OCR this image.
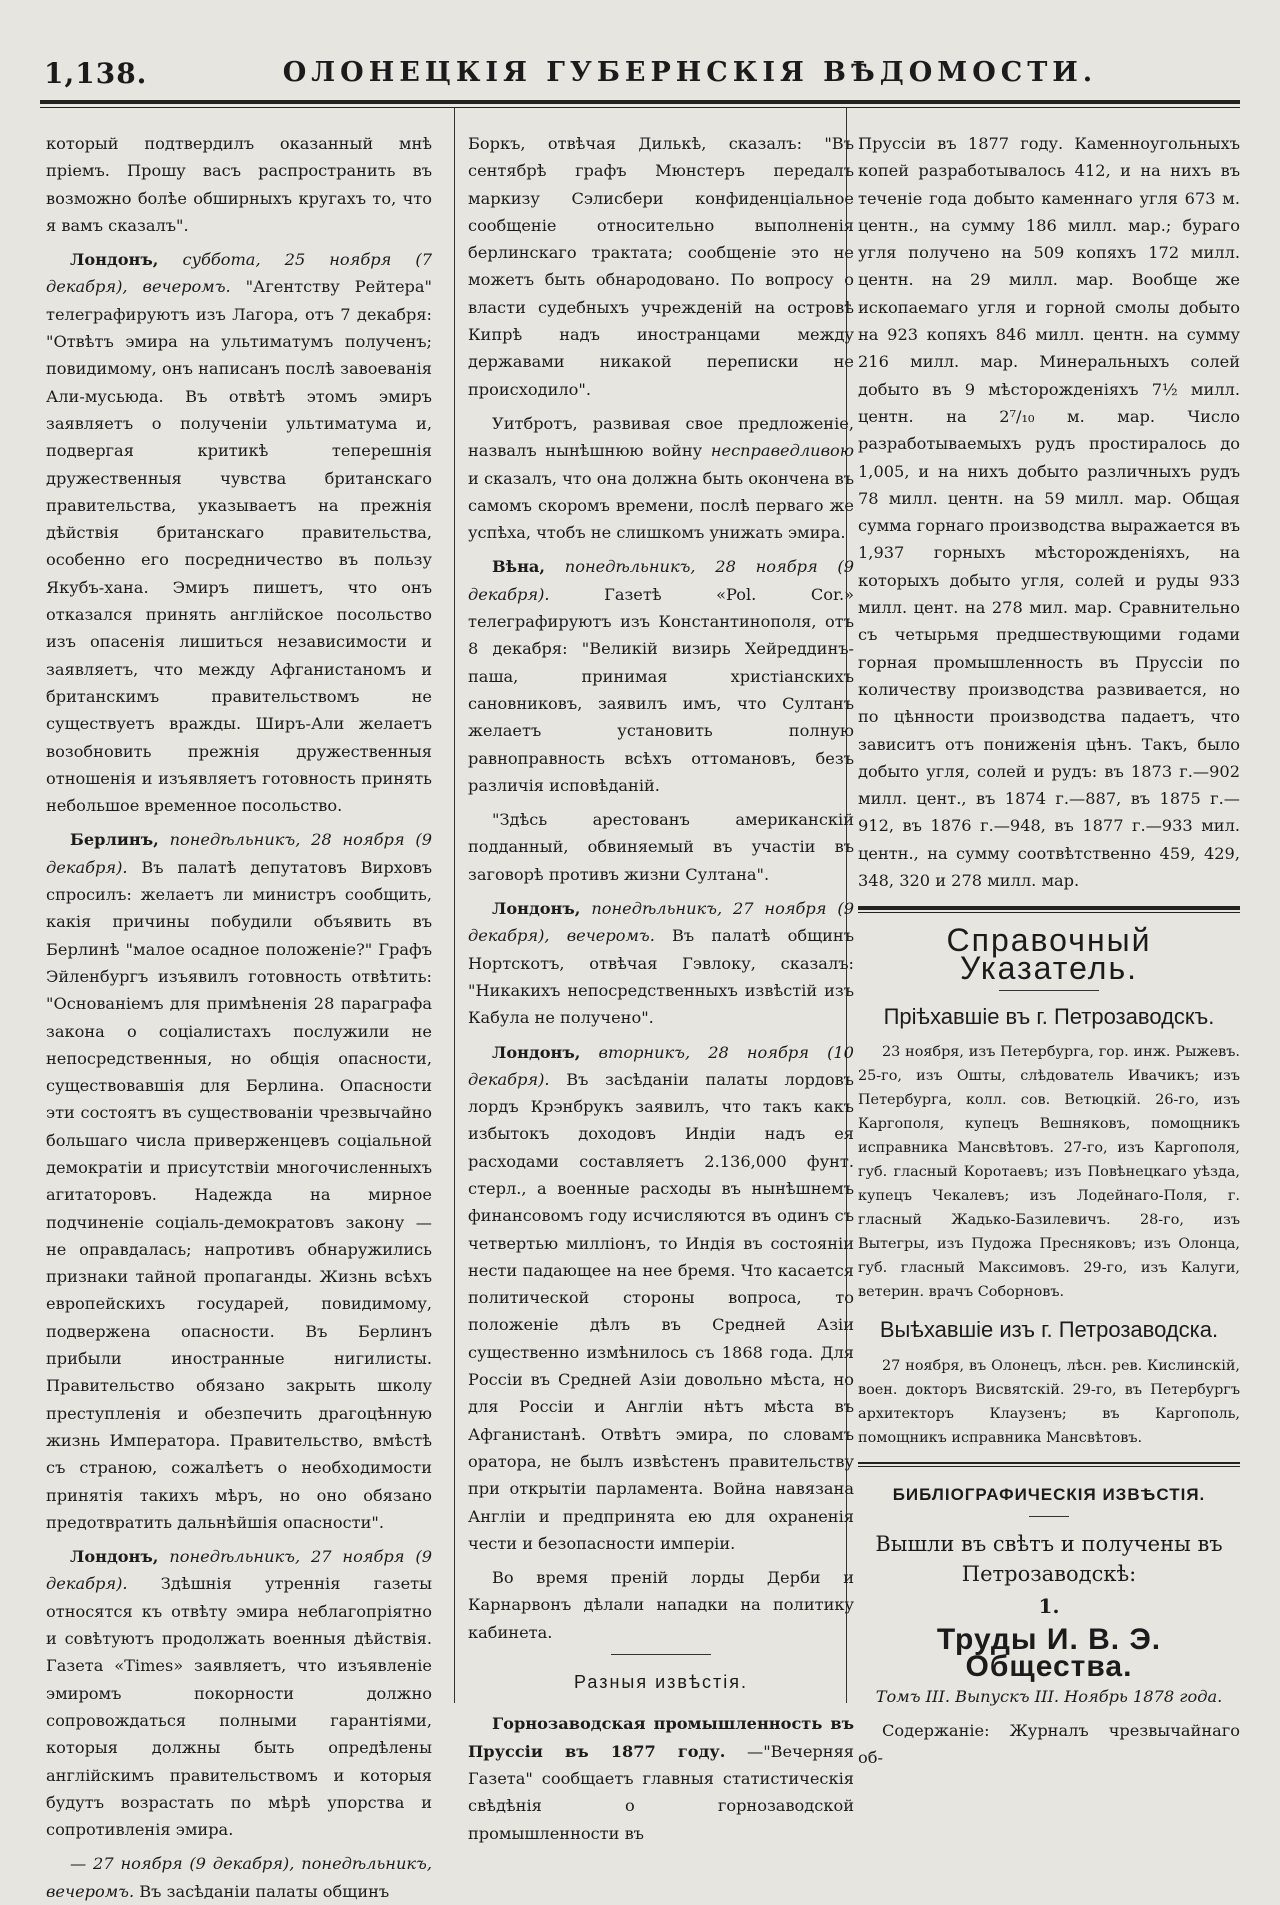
1,138.	ОЛОНЕЦКІЯ ГУБЕРНСКІЯ ВѢДОМОСТИ.

который подтвердилъ оказанный мнѣ пріемъ. Прошу васъ распространить въ возможно болѣе обширныхъ кругахъ то, что я вамъ сказалъ".

Лондонъ, суббота, 25 ноября (7 декабря), вечеромъ. "Агентству Рейтера" телеграфируютъ изъ Лагора, отъ 7 декабря: "Отвѣтъ эмира на ультиматумъ полученъ; повидимому, онъ написанъ послѣ завоеванія Али-мусьюда. Въ отвѣтѣ этомъ эмиръ заявляетъ о полученіи ультиматума и, подвергая критикѣ теперешнія дружественныя чувства британскаго правительства, указываетъ на прежнія дѣйствія британскаго правительства, особенно его посредничество въ пользу Якубъ-хана. Эмиръ пишетъ, что онъ отказался принять англійское посольство изъ опасенія лишиться независимости и заявляетъ, что между Афганистаномъ и британскимъ правительствомъ не существуетъ вражды. Ширъ-Али желаетъ возобновить прежнія дружественныя отношенія и изъявляетъ готовность принять небольшое временное посольство.

Берлинъ, понедѣльникъ, 28 ноября (9 декабря). Въ палатѣ депутатовъ Вирховъ спросилъ: желаетъ ли министръ сообщить, какія причины побудили объявить въ Берлинѣ "малое осадное положеніе?" Графъ Эйленбургъ изъявилъ готовность отвѣтить: "Основаніемъ для примѣненія 28 параграфа закона о соціалистахъ послужили не непосредственныя, но общія опасности, существовавшія для Берлина. Опасности эти состоятъ въ существованіи чрезвычайно большаго числа приверженцевъ соціальной демократіи и присутствіи многочисленныхъ агитаторовъ. Надежда на мирное подчиненіе соціаль-демократовъ закону — не оправдалась; напротивъ обнаружились признаки тайной пропаганды. Жизнь всѣхъ европейскихъ государей, повидимому, подвержена опасности. Въ Берлинъ прибыли иностранные нигилисты. Правительство обязано закрыть школу преступленія и обезпечить драгоцѣнную жизнь Императора. Правительство, вмѣстѣ съ страною, сожалѣетъ о необходимости принятія такихъ мѣръ, но оно обязано предотвратить дальнѣйшія опасности".

Лондонъ, понедѣльникъ, 27 ноября (9 декабря). Здѣшнія утреннія газеты относятся къ отвѣту эмира неблагопріятно и совѣтуютъ продолжать военныя дѣйствія. Газета «Times» заявляетъ, что изъявленіе эмиромъ покорности должно сопровождаться полными гарантіями, которыя должны быть опредѣлены англійскимъ правительствомъ и которыя будутъ возрастать по мѣрѣ упорства и сопротивленія эмира.

— 27 ноября (9 декабря), понедѣльникъ, вечеромъ. Въ засѣданіи палаты общинъ

Боркъ, отвѣчая Дилькѣ, сказалъ: "Въ сентябрѣ графъ Мюнстеръ передалъ маркизу Сэлисбери конфиденціальное сообщеніе относительно выполненія берлинскаго трактата; сообщеніе это не можетъ быть обнародовано. По вопросу о власти судебныхъ учрежденій на островѣ Кипрѣ надъ иностранцами между державами никакой переписки не происходило".

Уитбротъ, развивая свое предложеніе, назвалъ нынѣшнюю войну несправедливою и сказалъ, что она должна быть окончена въ самомъ скоромъ времени, послѣ перваго же успѣха, чтобъ не слишкомъ унижать эмира.

Вѣна, понедѣльникъ, 28 ноября (9 декабря).	Газетѣ «Pol. Cor.» телеграфируютъ изъ Константинополя, отъ 8 декабря: "Великій визирь Хейреддинъ-паша, принимая христіанскихъ сановниковъ, заявилъ имъ, что Султанъ желаетъ установить полную равноправность всѣхъ оттомановъ, безъ различія исповѣданій.

"Здѣсь арестованъ американскій подданный, обвиняемый въ участіи въ заговорѣ противъ жизни Султана".

Лондонъ, понедѣльникъ, 27 ноября (9 декабря), вечеромъ. Въ палатѣ общинъ Нортскотъ, отвѣчая Гэвлоку, сказалъ: "Никакихъ непосредственныхъ извѣстій изъ Кабула не получено".

Лондонъ, вторникъ, 28 ноября (10 декабря). Въ засѣданіи палаты лордовъ лордъ Крэнбрукъ заявилъ, что такъ какъ избытокъ доходовъ Индіи надъ ея расходами составляетъ 2.136,000 фунт. стерл., а военные расходы въ нынѣшнемъ финансовомъ году исчисляются въ одинъ съ четвертью милліонъ, то Индія въ состояніи нести падающее на нее бремя. Что касается политической стороны вопроса, то положеніе дѣлъ въ Средней Азіи существенно измѣнилось съ 1868 года. Для Россіи въ Средней Азіи довольно мѣста, но для Россіи и Англіи нѣтъ мѣста въ Афганистанѣ. Отвѣтъ эмира, по словамъ оратора, не былъ извѣстенъ правительству при открытіи парламента. Война навязана Англіи и предпринята ею для охраненія чести и безопасности имперіи.

Во время преній лорды Дерби и Карнарвонъ дѣлали нападки на политику кабинета.

Разныя извѣстія.

Горнозаводская промышленность въ Пруссіи въ 1877 году. —"Вечерняя Газета" сообщаетъ главныя статистическія свѣдѣнія о горнозаводской промышленности въ

Пруссіи въ 1877 году. Каменноугольныхъ копей разработывалось 412, и на нихъ въ теченіе года добыто каменнаго угля 673 м. центн., на сумму 186 милл. мар.; бураго угля получено на 509 копяхъ 172 милл. центн. на 29 милл. мар. Вообще же ископаемаго угля и горной смолы добыто на 923 копяхъ 846 милл. центн. на сумму 216 милл. мар. Минеральныхъ солей добыто въ 9 мѣсторожденіяхъ 7½ милл. центн. на 2⁷/₁₀ м. мар. Число разработываемыхъ рудъ простиралось до 1,005, и на нихъ добыто различныхъ рудъ 78 милл. центн. на 59 милл. мар. Общая сумма горнаго производства выражается въ 1,937 горныхъ мѣсторожденіяхъ, на которыхъ добыто угля, солей и руды 933 милл. цент. на 278 мил. мар. Сравнительно съ четырьмя предшествующими годами горная промышленность въ Пруссіи по количеству производства развивается, но по цѣнности производства падаетъ, что зависитъ отъ пониженія цѣнъ. Такъ, было добыто угля, солей и рудъ: въ 1873 г.—902 милл. цент., въ 1874 г.—887, въ 1875 г.—912, въ 1876 г.—948, въ 1877 г.—933 мил. центн., на сумму соотвѣтственно 459, 429, 348, 320 и 278 милл. мар.

Справочный Указатель.
Пріѣхавшіе въ г. Петрозаводскъ.

23 ноября, изъ Петербурга, гор. инж. Рыжевъ. 25-го, изъ Ошты, слѣдователь Ивачикъ; изъ Петербурга, колл. сов. Ветюцкій. 26-го, изъ Каргополя, купецъ Вешняковъ, помощникъ исправника Мансвѣтовъ. 27-го, изъ Каргополя, губ. гласный Коротаевъ; изъ Повѣнецкаго уѣзда, купецъ Чекалевъ; изъ Лодейнаго-Поля, г. гласный Жадько-Базилевичъ. 28-го, изъ Вытегры, изъ Пудожа Пресняковъ; изъ Олонца, губ. гласный Максимовъ. 29-го, изъ Калуги, ветерин. врачъ Соборновъ.

Выѣхавшіе изъ г. Петрозаводска.

27 ноября, въ Олонецъ, лѣсн. рев. Кислинскій, воен. докторъ Висвятскій. 29-го, въ Петербургъ архитекторъ Клаузенъ; въ Каргополь, помощникъ исправника Мансвѣтовъ.

БИБЛІОГРАФИЧЕСКІЯ ИЗВѢСТІЯ.
Вышли въ свѣтъ и получены въ Петрозаводскѣ:
1.
Труды И. В. Э. Общества.

Томъ III. Выпускъ III. Ноябрь 1878 года.

Содержаніе: Журналъ чрезвычайнаго об-
